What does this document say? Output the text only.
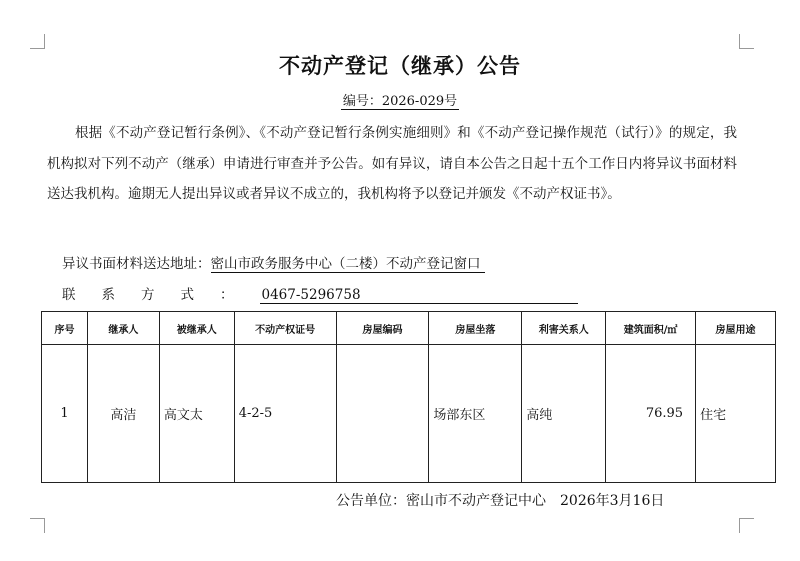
不动产登记（继承）公告
编号：2026-029号
根据《不动产登记暂行条例》、《不动产登记暂行条例实施细则》和《不动产登记操作规范（试行）》的规定，我机构拟对下列不动产（继承）申请进行审查并予公告。如有异议，请自本公告之日起十五个工作日内将异议书面材料送达我机构。逾期无人提出异议或者异议不成立的，我机构将予以登记并颁发《不动产权证书》。
异议书面材料送达地址：密山市政务服务中心（二楼）不动产登记窗口
联系方式： 0467-5296758
序号	继承人	被继承人	不动产权证号	房屋编码	房屋坐落	利害关系人	建筑面积/㎡	房屋用途
1	高洁	高文太	4-2-5		场部东区	高纯	76.95	住宅
公告单位：密山市不动产登记中心　2026年3月16日
